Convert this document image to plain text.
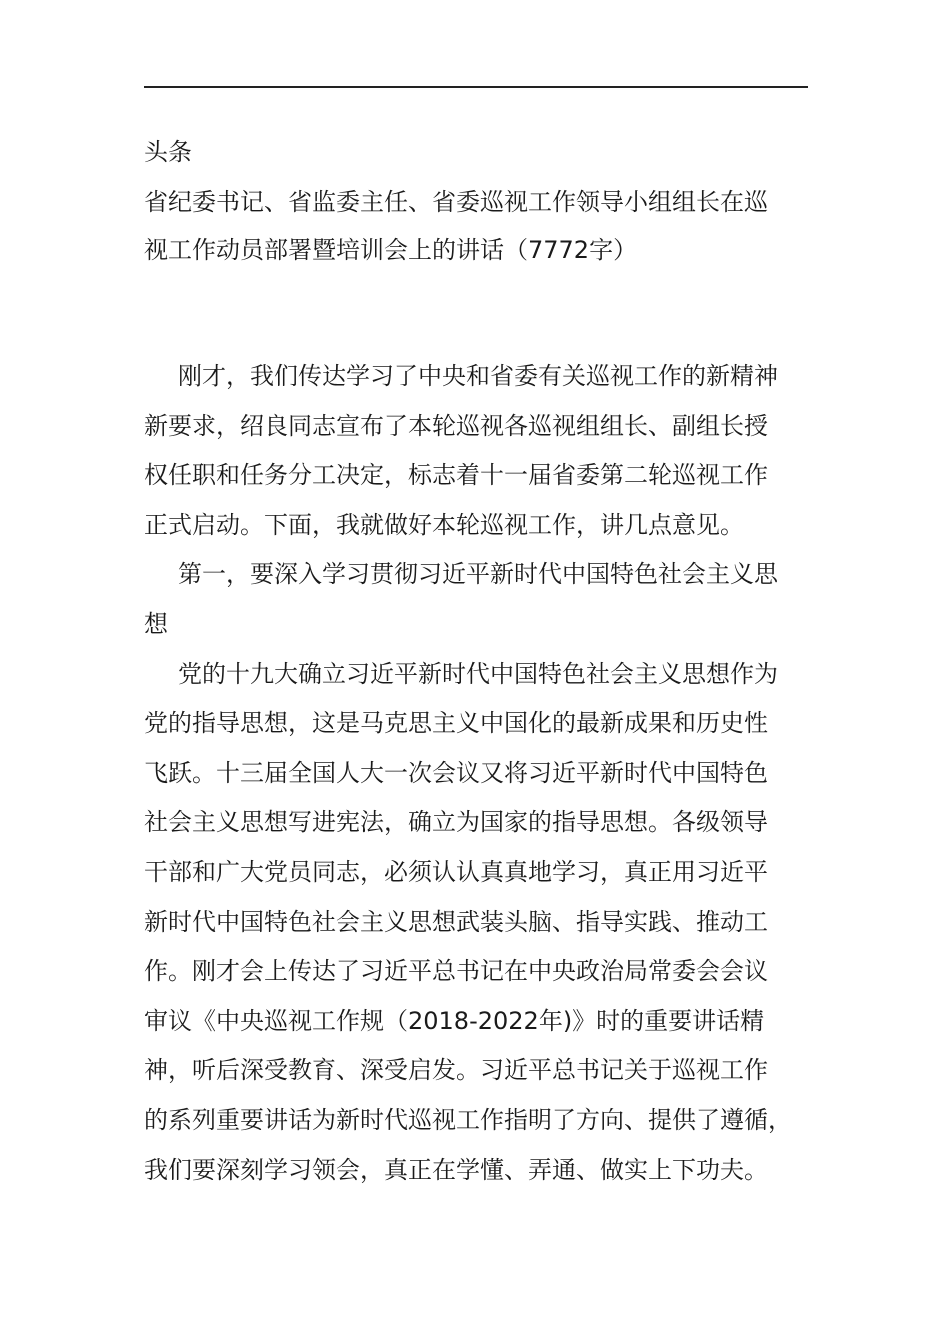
头条
省纪委书记、省监委主任、省委巡视工作领导小组组长在巡
视工作动员部署暨培训会上的讲话（7772字）
刚才，我们传达学习了中央和省委有关巡视工作的新精神
新要求，绍良同志宣布了本轮巡视各巡视组组长、副组长授
权任职和任务分工决定，标志着十一届省委第二轮巡视工作
正式启动。下面，我就做好本轮巡视工作，讲几点意见。
第一，要深入学习贯彻习近平新时代中国特色社会主义思
想
党的十九大确立习近平新时代中国特色社会主义思想作为
党的指导思想，这是马克思主义中国化的最新成果和历史性
飞跃。十三届全国人大一次会议又将习近平新时代中国特色
社会主义思想写进宪法，确立为国家的指导思想。各级领导
干部和广大党员同志，必须认认真真地学习，真正用习近平
新时代中国特色社会主义思想武装头脑、指导实践、推动工
作。刚才会上传达了习近平总书记在中央政治局常委会会议
审议《中央巡视工作规（2018-2022年)》时的重要讲话精
神，听后深受教育、深受启发。习近平总书记关于巡视工作
的系列重要讲话为新时代巡视工作指明了方向、提供了遵循，
我们要深刻学习领会，真正在学懂、弄通、做实上下功夫。
